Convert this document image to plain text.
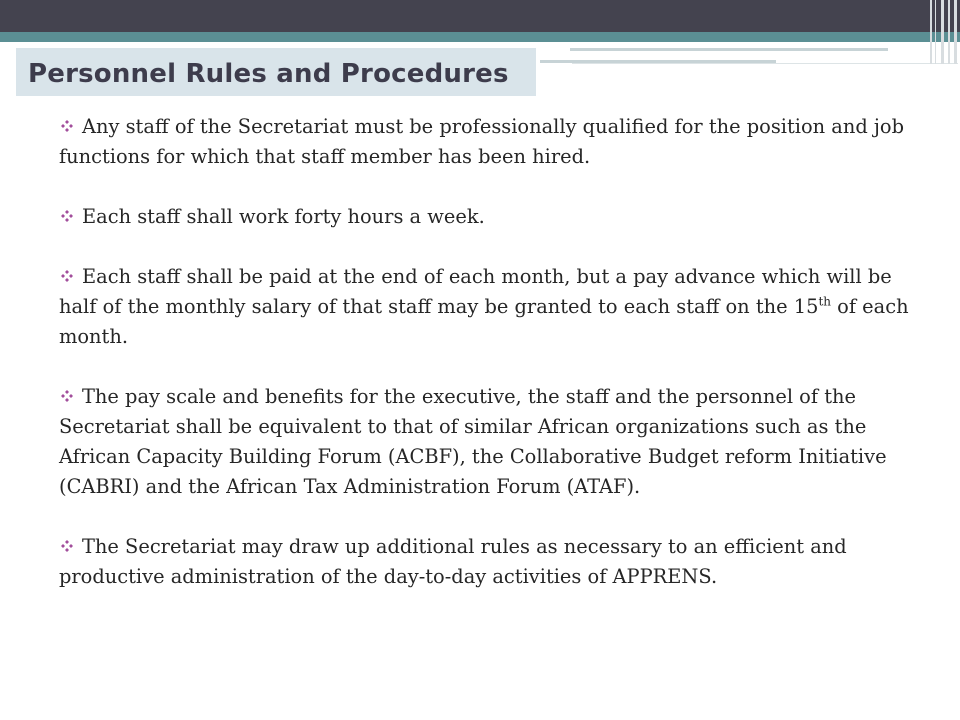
Personnel Rules and Procedures

Any staff of the Secretariat must be professionally qualified for the position and job functions for which that staff member has been hired.

Each staff shall work forty hours a week.

Each staff shall be paid at the end of each month, but a pay advance which will be half of the monthly salary of that staff may be granted to each staff on the 15th of each month.

The pay scale and benefits for the executive, the staff and the personnel of the Secretariat shall be equivalent to that of similar African organizations such as the African Capacity Building Forum (ACBF), the Collaborative Budget reform Initiative (CABRI) and the African Tax Administration Forum (ATAF).

The Secretariat may draw up additional rules as necessary to an efficient and productive administration of the day-to-day activities of APPRENS.
